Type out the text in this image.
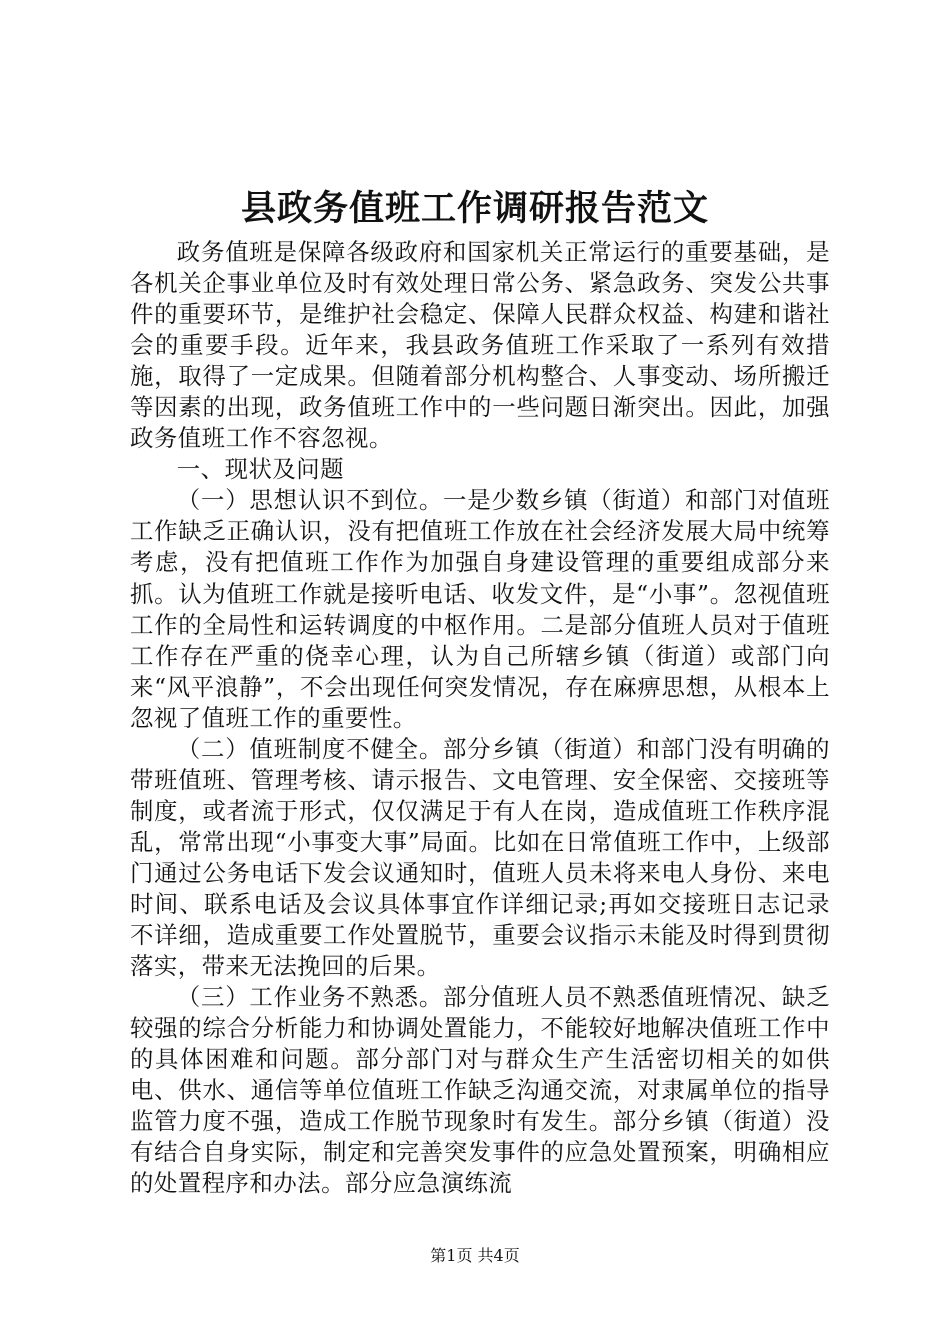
县政务值班工作调研报告范文

政务值班是保障各级政府和国家机关正常运行的重要基础，是各机关企事业单位及时有效处理日常公务、紧急政务、突发公共事件的重要环节，是维护社会稳定、保障人民群众权益、构建和谐社会的重要手段。近年来，我县政务值班工作采取了一系列有效措施，取得了一定成果。但随着部分机构整合、人事变动、场所搬迁等因素的出现，政务值班工作中的一些问题日渐突出。因此，加强政务值班工作不容忽视。

一、现状及问题

（一）思想认识不到位。一是少数乡镇（街道）和部门对值班工作缺乏正确认识，没有把值班工作放在社会经济发展大局中统筹考虑，没有把值班工作作为加强自身建设管理的重要组成部分来抓。认为值班工作就是接听电话、收发文件，是“小事”。忽视值班工作的全局性和运转调度的中枢作用。二是部分值班人员对于值班工作存在严重的侥幸心理，认为自己所辖乡镇（街道）或部门向来“风平浪静”，不会出现任何突发情况，存在麻痹思想，从根本上忽视了值班工作的重要性。

（二）值班制度不健全。部分乡镇（街道）和部门没有明确的带班值班、管理考核、请示报告、文电管理、安全保密、交接班等制度，或者流于形式，仅仅满足于有人在岗，造成值班工作秩序混乱，常常出现“小事变大事”局面。比如在日常值班工作中，上级部门通过公务电话下发会议通知时，值班人员未将来电人身份、来电时间、联系电话及会议具体事宜作详细记录;再如交接班日志记录不详细，造成重要工作处置脱节，重要会议指示未能及时得到贯彻落实，带来无法挽回的后果。

（三）工作业务不熟悉。部分值班人员不熟悉值班情况、缺乏较强的综合分析能力和协调处置能力，不能较好地解决值班工作中的具体困难和问题。部分部门对与群众生产生活密切相关的如供电、供水、通信等单位值班工作缺乏沟通交流，对隶属单位的指导监管力度不强，造成工作脱节现象时有发生。部分乡镇（街道）没有结合自身实际，制定和完善突发事件的应急处置预案，明确相应的处置程序和办法。部分应急演练流

第1页 共4页
